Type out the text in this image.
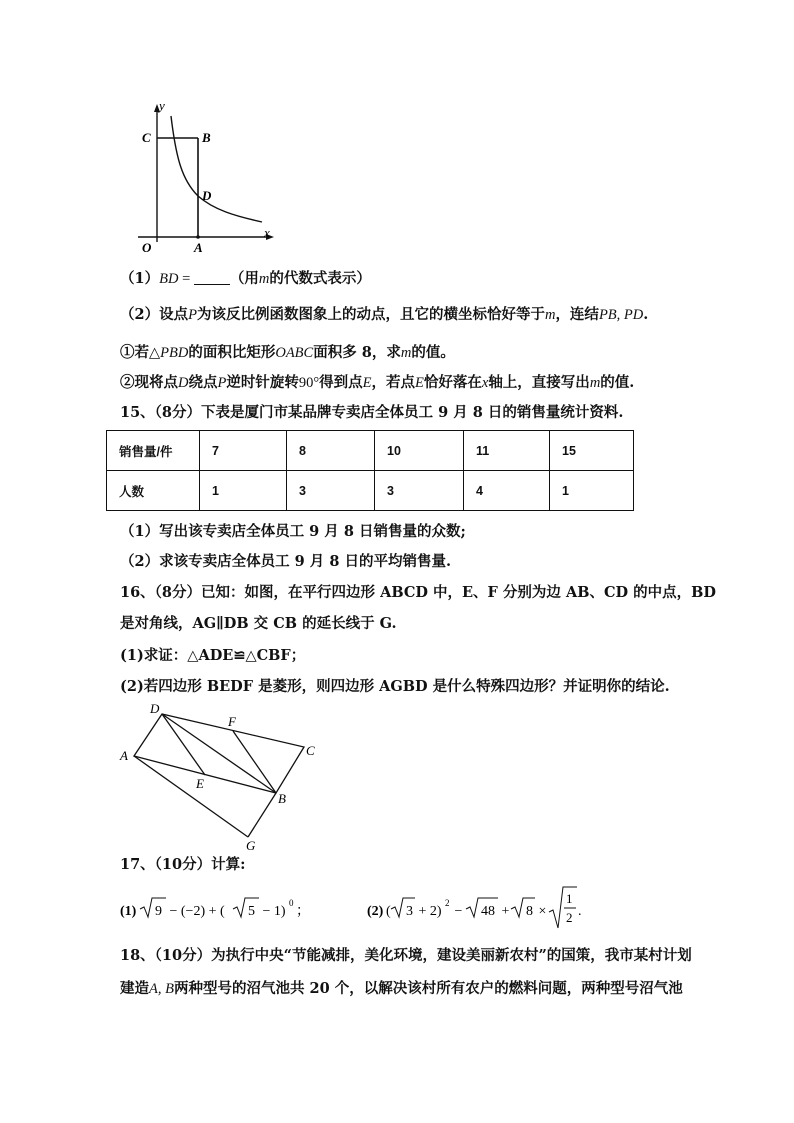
y
x
O	A
B
C
D
（1）BD = （用m的代数式表示）
（2）设点P为该反比例函数图象上的动点，且它的横坐标恰好等于m，连结PB, PD.
①若△PBD的面积比矩形OABC面积多 8，求m的值。
②现将点D绕点P逆时针旋转90°得到点E，若点E恰好落在x轴上，直接写出m的值.
15、（8分）下表是厦门市某品牌专卖店全体员工 9 月 8 日的销售量统计资料.
销售量/件	7	8	10	11	15
人数	1	3	3	4	1
（1）写出该专卖店全体员工 9 月 8 日销售量的众数;
（2）求该专卖店全体员工 9 月 8 日的平均销售量.
16、（8分）已知：如图，在平行四边形 ABCD 中，E、F 分别为边 AB、CD 的中点，BD
是对角线，AG∥DB 交 CB 的延长线于 G.
(1)求证：△ADE≌△CBF；
(2)若四边形 BEDF 是菱形，则四边形 AGBD 是什么特殊四边形？并证明你的结论.
A
B
C
D
E
F
G
17、（10分）计算:
(1) 9 − (−2) + ( 5 − 1)
0
；	(2) ( 3 + 2)
2
− 48 + 8 ×
1
2 .
18、（10分）为执行中央“节能减排，美化环境，建设美丽新农村”的国策，我市某村计划
建造A, B两种型号的沼气池共 20 个，以解决该村所有农户的燃料问题，两种型号沼气池
